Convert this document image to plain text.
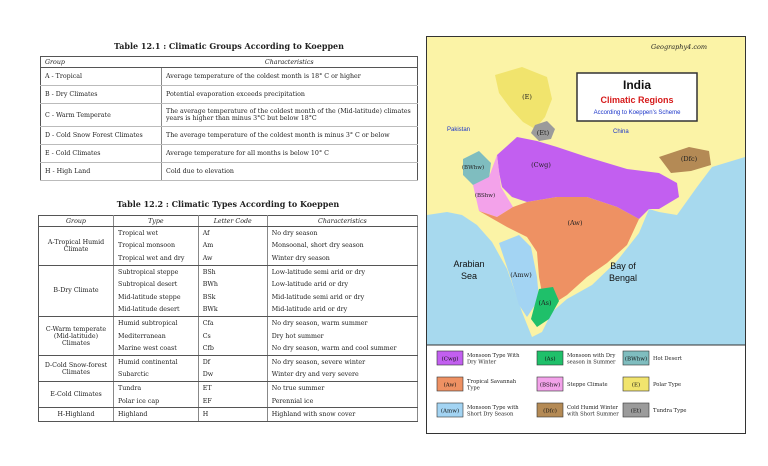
Table 12.1 : Climatic Groups According to Koeppen
Group	Characteristics
A - Tropical	Average temperature of the coldest month is 18° C or higher
B - Dry Climates	Potential evaporation exceeds precipitation
C - Warm Temperate	The average temperature of the coldest month of the (Mid-latitude) climates years is higher than minus 3°C but below 18°C
D - Cold Snow Forest Climates	The average temperature of the coldest month is minus 3° C or below
E - Cold Climates	Average temperature for all months is below 10° C
H - High Land	Cold due to elevation
Table 12.2 : Climatic Types According to Koeppen
Group	Type	Letter Code	Characteristics
A-Tropical Humid Climate	Tropical wet	Af	No dry season
	Tropical monsoon	Am	Monsoonal, short dry season
	Tropical wet and dry	Aw	Winter dry season
B-Dry Climate	Subtropical steppe	BSh	Low-latitude semi arid or dry
	Subtropical desert	BWh	Low-latitude arid or dry
	Mid-latitude steppe	BSk	Mid-latitude semi arid or dry
	Mid-latitude desert	BWk	Mid-latitude arid or dry
C-Warm temperate (Mid-latitude) Climates	Humid subtropical	Cfa	No dry season, warm summer
	Mediterranean	Cs	Dry hot summer
	Marine west coast	Cfb	No dry season, warm and cool summer
D-Cold Snow-forest Climates	Humid continental	Df	No dry season, severe winter
	Subarctic	Dw	Winter dry and very severe
E-Cold Climates	Tundra	ET	No true summer
	Polar ice cap	EF	Perennial ice
H-Highland	Highland	H	Highland with snow cover
Geography4.com
India
Climatic Regions
According to Koeppen's Scheme
Pakistan	China
Arabian
Sea
Bay of
Bengal
(E)
(Et)
(Cwg)
(Dfc)
(BWhw)
(BShw)
(Aw)
(Amw)
(As)
(Cwg)
Monsoon Type With
Dry Winter	(As)
Monsoon with Dry
season in Summer (BWhw) Hot Desert
(Aw)
Tropical Savannah
Type	(BShw) Steppe Climate	(E) Polar Type
(Amw)
Monsoon Type with
Short Dry Season	(Dfc)
Cold Humid Winter
with Short Summer (Et) Tundra Type
